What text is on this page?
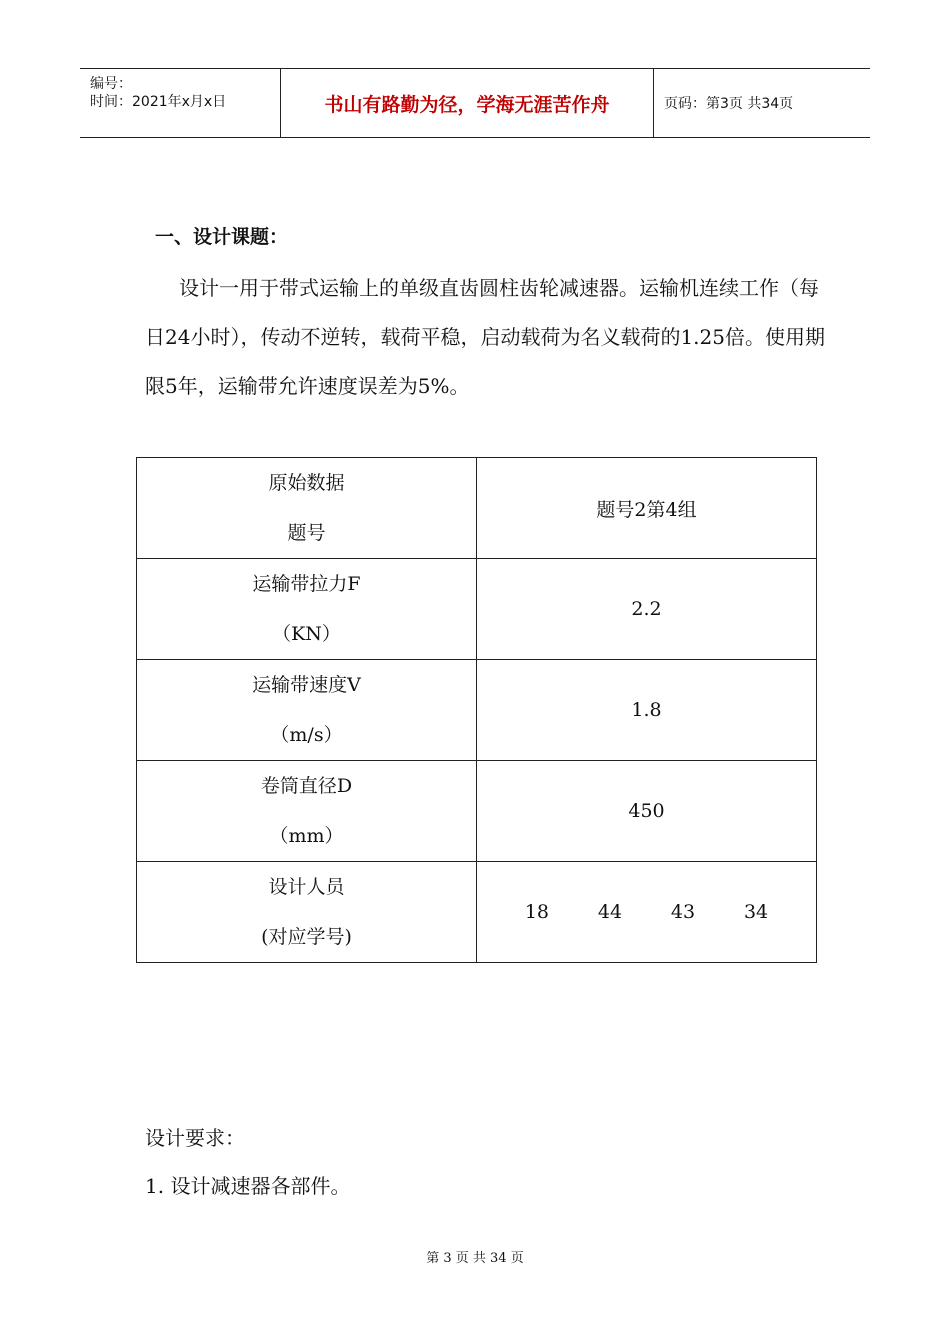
编号：
时间：2021年x月x日	书山有路勤为径，学海无涯苦作舟	页码：第3页 共34页
一、设计课题：

设计一用于带式运输上的单级直齿圆柱齿轮减速器。运输机连续工作（每日24小时），传动不逆转，载荷平稳，启动载荷为名义载荷的1.25倍。使用期限5年，运输带允许速度误差为5%。

原始数据
题号	题号2第4组

运输带拉力F
（KN）	2.2

运输带速度V
（m/s）	1.8

卷筒直径D
（mm）	450

设计人员
(对应学号)	18 44 43 34
设计要求：
1. 设计减速器各部件。
第 3 页 共 34 页
